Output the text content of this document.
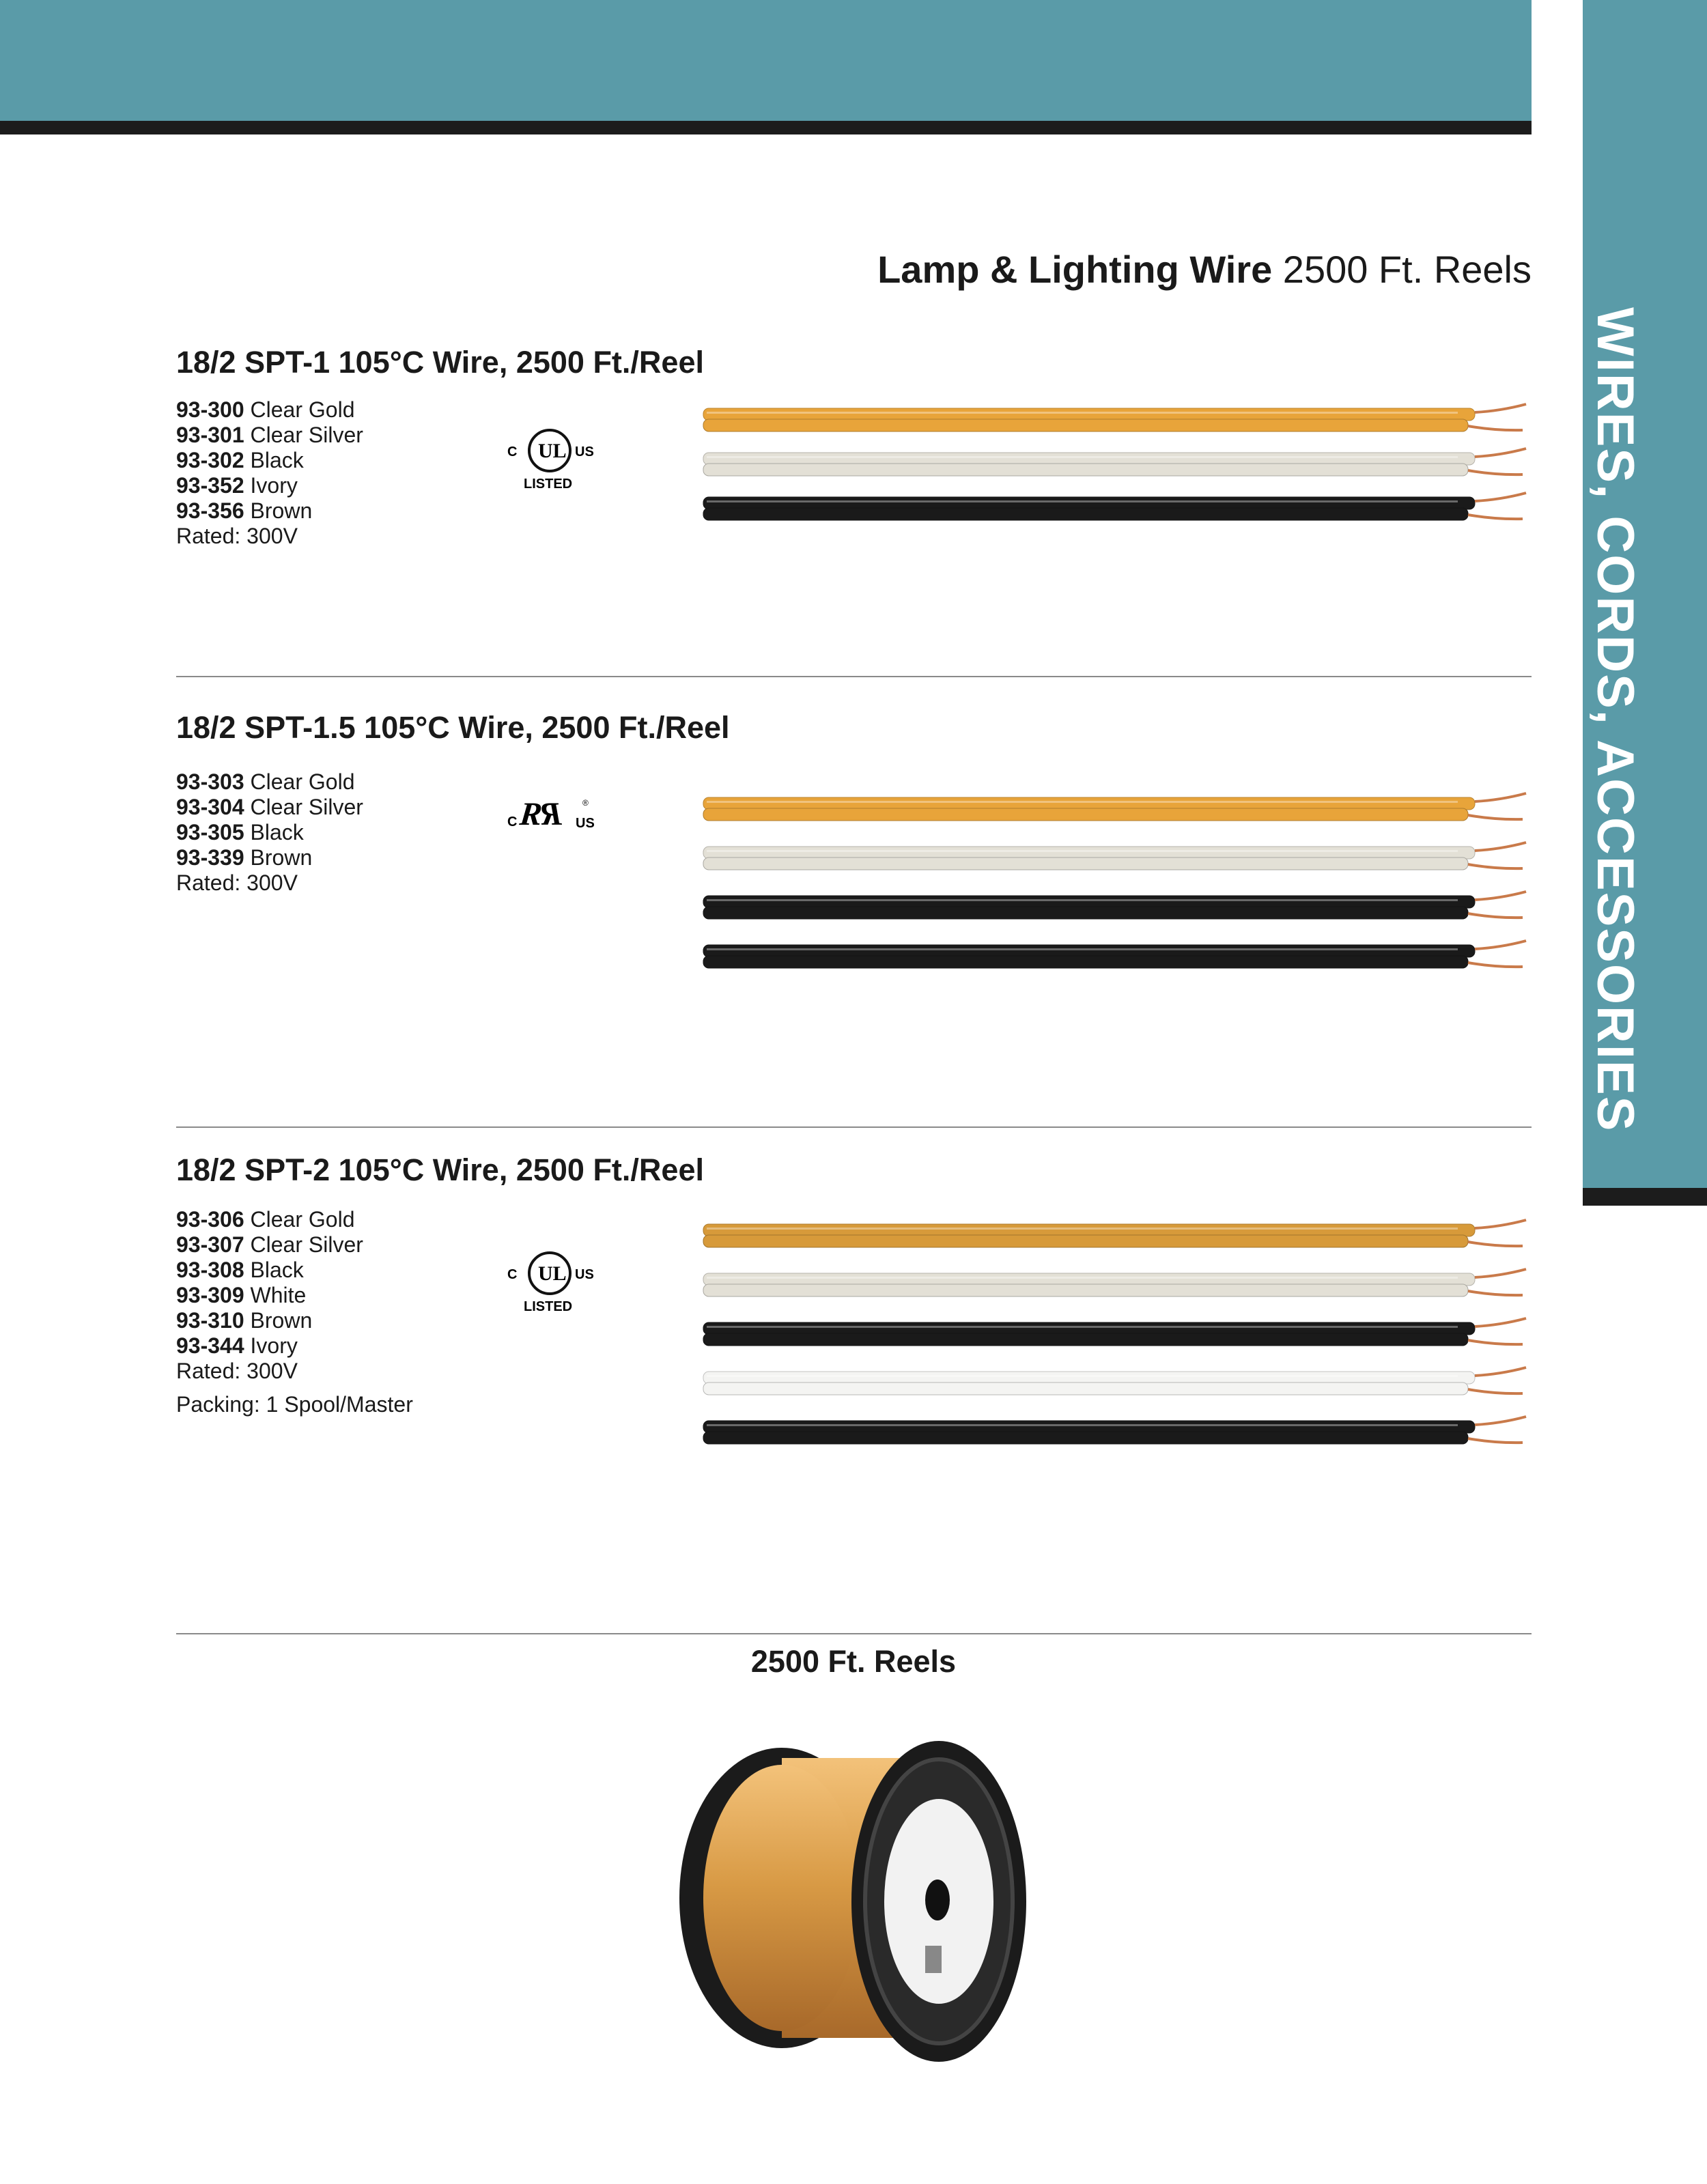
WIRES, CORDS, ACCESSORIES
Lamp & Lighting Wire 2500 Ft. Reels
18/2 SPT-1 105°C Wire, 2500 Ft./Reel
93-300 Clear Gold
93-301 Clear Silver
93-302 Black
93-352 Ivory
93-356 Brown
Rated: 300V
C UL US
LISTED
18/2 SPT-1.5 105°C Wire, 2500 Ft./Reel
93-303 Clear Gold
93-304 Clear Silver
93-305 Black
93-339 Brown
Rated: 300V
C R
R US
®
18/2 SPT-2 105°C Wire, 2500 Ft./Reel
93-306 Clear Gold
93-307 Clear Silver
93-308 Black
93-309 White
93-310 Brown
93-344 Ivory
Rated: 300V
Packing: 1 Spool/Master
C UL US
LISTED
2500 Ft. Reels
